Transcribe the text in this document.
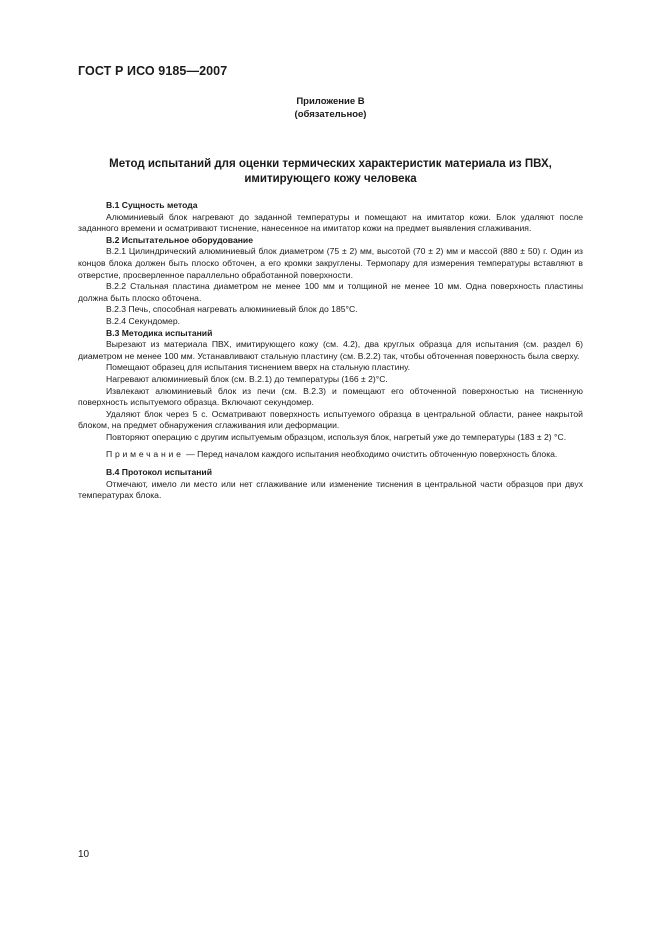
ГОСТ Р ИСО 9185—2007
Приложение В
(обязательное)
Метод испытаний для оценки термических характеристик материала из ПВХ,
имитирующего кожу человека

В.1 Сущность метода

Алюминиевый блок нагревают до заданной температуры и помещают на имитатор кожи. Блок удаляют после заданного времени и осматривают тиснение, нанесенное на имитатор кожи на предмет выявления сглаживания.

В.2 Испытательное оборудование

В.2.1 Цилиндрический алюминиевый блок диаметром (75 ± 2) мм, высотой (70 ± 2) мм и массой (880 ± 50) г. Один из концов блока должен быть плоско обточен, а его кромки закруглены. Термопару для измерения температуры вставляют в отверстие, просверленное параллельно обработанной поверхности.

В.2.2 Стальная пластина диаметром не менее 100 мм и толщиной не менее 10 мм. Одна поверхность пластины должна быть плоско обточена.

В.2.3 Печь, способная нагревать алюминиевый блок до 185°С.

В.2.4 Секундомер.

В.3 Методика испытаний

Вырезают из материала ПВХ, имитирующего кожу (см. 4.2), два круглых образца для испытания (см. раздел 6) диаметром не менее 100 мм. Устанавливают стальную пластину (см. В.2.2) так, чтобы обточенная поверхность была сверху.

Помещают образец для испытания тиснением вверх на стальную пластину.

Нагревают алюминиевый блок (см. В.2.1) до температуры (166 ± 2)°С.

Извлекают алюминиевый блок из печи (см. В.2.3) и помещают его обточенной поверхностью на тисненную поверхность испытуемого образца. Включают секундомер.

Удаляют блок через 5 с. Осматривают поверхность испытуемого образца в центральной области, ранее накрытой блоком, на предмет обнаружения сглаживания или деформации.

Повторяют операцию с другим испытуемым образцом, используя блок, нагретый уже до температуры (183 ± 2) °С.

Примечание — Перед началом каждого испытания необходимо очистить обточенную поверхность блока.

В.4 Протокол испытаний

Отмечают, имело ли место или нет сглаживание или изменение тиснения в центральной части образцов при двух температурах блока.

10
